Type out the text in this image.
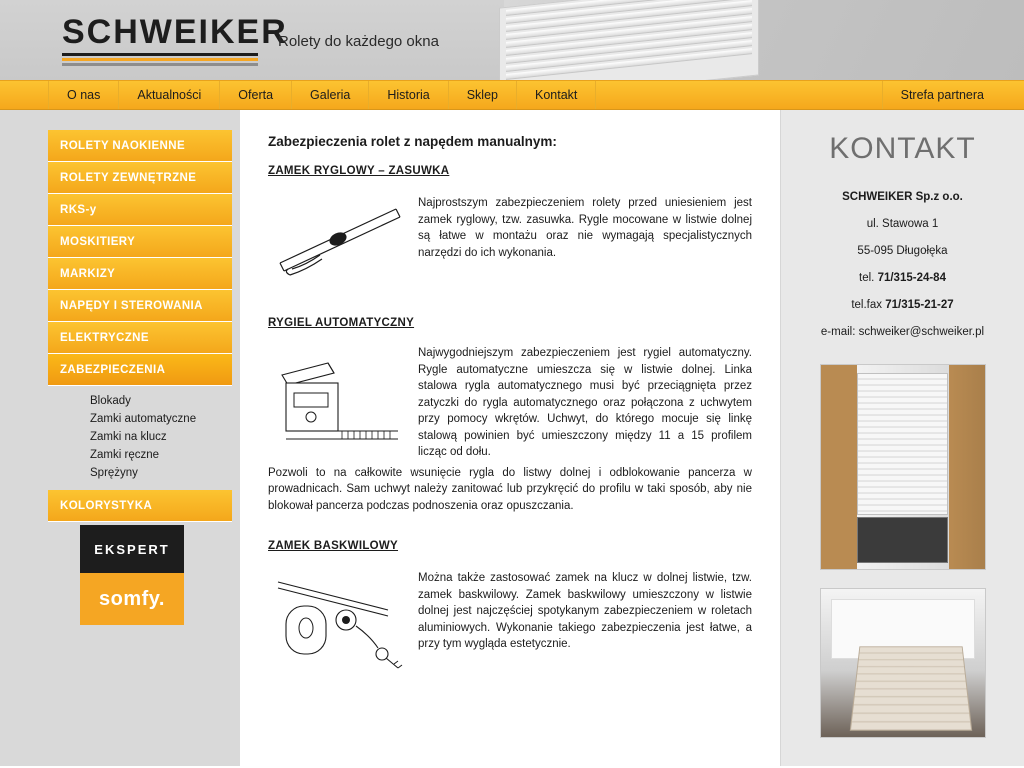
SCHWEIKER
Rolety do każdego okna
O nas	Aktualności	Oferta	Galeria	Historia	Sklep	Kontakt	Strefa partnera
ROLETY NAOKIENNE
ROLETY ZEWNĘTRZNE
RKS-y
MOSKITIERY
MARKIZY
NAPĘDY I STEROWANIA
ELEKTRYCZNE
ZABEZPIECZENIA
Blokady
Zamki automatyczne
Zamki na klucz
Zamki ręczne
Sprężyny
KOLORYSTYKA
EKSPERT
somfy.
Zabezpieczenia rolet z napędem manualnym:
ZAMEK RYGLOWY – ZASUWKA
Najprostszym zabezpieczeniem rolety przed uniesieniem jest zamek ryglowy, tzw. zasuwka. Rygle mocowane w listwie dolnej są łatwe w montażu oraz nie wymagają specjalistycznych narzędzi do ich wykonania.
RYGIEL AUTOMATYCZNY
Najwygodniejszym zabezpieczeniem jest rygiel automatyczny. Rygle automatyczne umieszcza się w listwie dolnej. Linka stalowa rygla automatycznego musi być przeciągnięta przez zatyczki do rygla automatycznego oraz połączona z uchwytem przy pomocy wkrętów. Uchwyt, do którego mocuje się linkę stalową powinien być umieszczony między 11 a 15 profilem licząc od dołu.
Pozwoli to na całkowite wsunięcie rygla do listwy dolnej i odblokowanie pancerza w prowadnicach. Sam uchwyt należy zanitować lub przykręcić do profilu w taki sposób, aby nie blokował pancerza podczas podnoszenia oraz opuszczania.
ZAMEK BASKWILOWY
Można także zastosować zamek na klucz w dolnej listwie, tzw. zamek baskwilowy. Zamek baskwilowy umieszczony w listwie dolnej jest najczęściej spotykanym zabezpieczeniem w roletach aluminiowych. Wykonanie takiego zabezpieczenia jest łatwe, a przy tym wygląda estetycznie.
KONTAKT
SCHWEIKER Sp.z o.o.
ul. Stawowa 1
55-095 Długołęka
tel. 71/315-24-84
tel.fax 71/315-21-27
e-mail: schweiker@schweiker.pl
